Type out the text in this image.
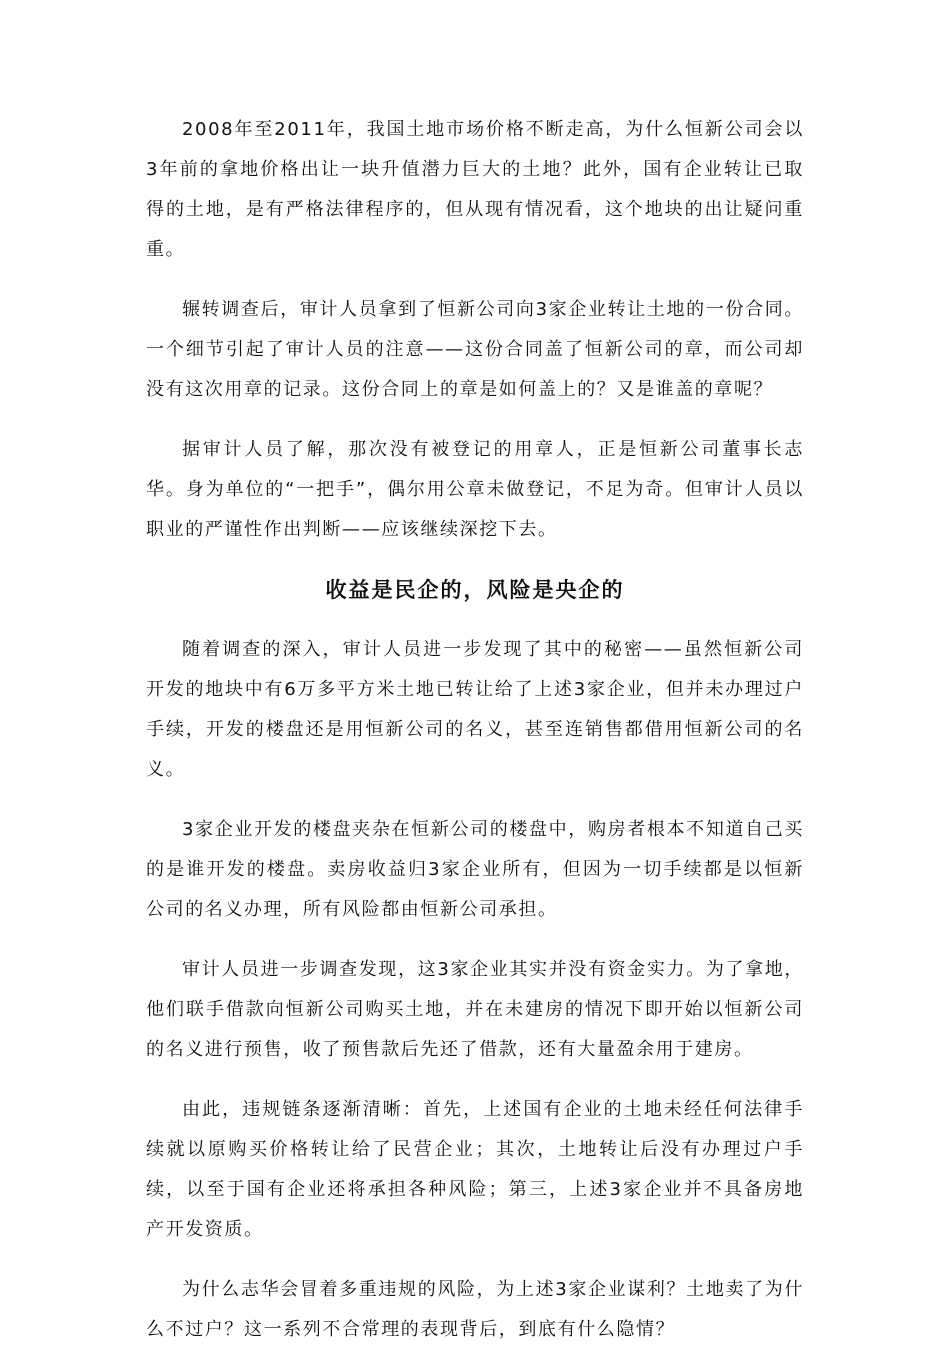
2008年至2011年，我国土地市场价格不断走高，为什么恒新公司会以3年前的拿地价格出让一块升值潜力巨大的土地？此外，国有企业转让已取得的土地，是有严格法律程序的，但从现有情况看，这个地块的出让疑问重重。

辗转调查后，审计人员拿到了恒新公司向3家企业转让土地的一份合同。一个细节引起了审计人员的注意——这份合同盖了恒新公司的章，而公司却没有这次用章的记录。这份合同上的章是如何盖上的？又是谁盖的章呢？

据审计人员了解，那次没有被登记的用章人，正是恒新公司董事长志华。身为单位的“一把手”，偶尔用公章未做登记，不足为奇。但审计人员以职业的严谨性作出判断——应该继续深挖下去。

收益是民企的，风险是央企的

随着调查的深入，审计人员进一步发现了其中的秘密——虽然恒新公司开发的地块中有6万多平方米土地已转让给了上述3家企业，但并未办理过户手续，开发的楼盘还是用恒新公司的名义，甚至连销售都借用恒新公司的名义。

3家企业开发的楼盘夹杂在恒新公司的楼盘中，购房者根本不知道自己买的是谁开发的楼盘。卖房收益归3家企业所有，但因为一切手续都是以恒新公司的名义办理，所有风险都由恒新公司承担。

审计人员进一步调查发现，这3家企业其实并没有资金实力。为了拿地，他们联手借款向恒新公司购买土地，并在未建房的情况下即开始以恒新公司的名义进行预售，收了预售款后先还了借款，还有大量盈余用于建房。

由此，违规链条逐渐清晰：首先，上述国有企业的土地未经任何法律手续就以原购买价格转让给了民营企业；其次，土地转让后没有办理过户手续，以至于国有企业还将承担各种风险；第三，上述3家企业并不具备房地产开发资质。

为什么志华会冒着多重违规的风险，为上述3家企业谋利？土地卖了为什么不过户？这一系列不合常理的表现背后，到底有什么隐情？
